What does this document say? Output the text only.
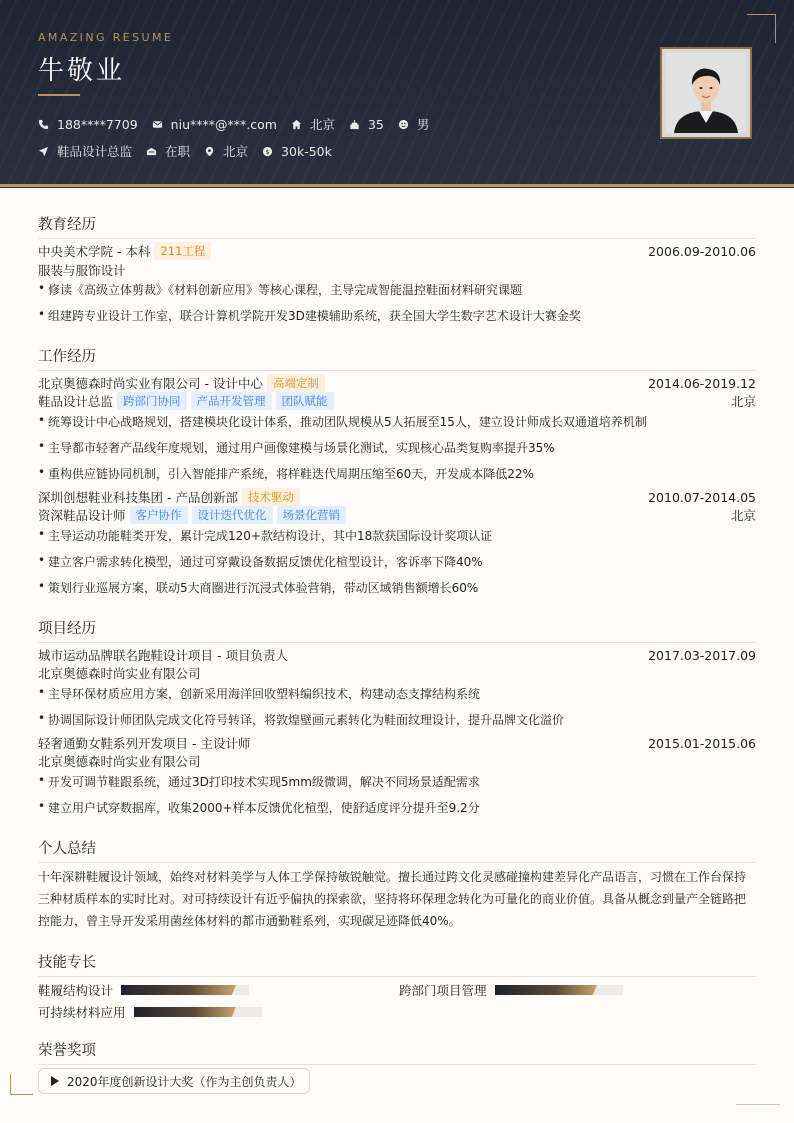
AMAZING RESUME
牛敬业
188****7709	niu****@***.com	北京	35	男
鞋品设计总监	在职	北京 $ 30k-50k
教育经历
中央美术学院 - 本科 211工程	2006.09-2010.06
服装与服饰设计
• 修读《高级立体剪裁》《材料创新应用》等核心课程，主导完成智能温控鞋面材料研究课题
• 组建跨专业设计工作室，联合计算机学院开发3D建模辅助系统，获全国大学生数字艺术设计大赛金奖
工作经历
北京奥德森时尚实业有限公司 - 设计中心 高端定制	2014.06-2019.12
鞋品设计总监 跨部门协同	产品开发管理	团队赋能	北京
• 统筹设计中心战略规划，搭建模块化设计体系，推动团队规模从5人拓展至15人，建立设计师成长双通道培养机制
• 主导都市轻奢产品线年度规划，通过用户画像建模与场景化测试，实现核心品类复购率提升35%
• 重构供应链协同机制，引入智能排产系统，将样鞋迭代周期压缩至60天，开发成本降低22%
深圳创想鞋业科技集团 - 产品创新部 技术驱动	2010.07-2014.05
资深鞋品设计师 客户协作	设计迭代优化	场景化营销	北京
• 主导运动功能鞋类开发，累计完成120+款结构设计，其中18款获国际设计奖项认证
• 建立客户需求转化模型，通过可穿戴设备数据反馈优化楦型设计，客诉率下降40%
• 策划行业巡展方案，联动5大商圈进行沉浸式体验营销，带动区域销售额增长60%
项目经历
城市运动品牌联名跑鞋设计项目 - 项目负责人	2017.03-2017.09
北京奥德森时尚实业有限公司
• 主导环保材质应用方案，创新采用海洋回收塑料编织技术，构建动态支撑结构系统
• 协调国际设计师团队完成文化符号转译，将敦煌壁画元素转化为鞋面纹理设计，提升品牌文化溢价
轻奢通勤女鞋系列开发项目 - 主设计师	2015.01-2015.06
北京奥德森时尚实业有限公司
• 开发可调节鞋跟系统，通过3D打印技术实现5mm级微调，解决不同场景适配需求
• 建立用户试穿数据库，收集2000+样本反馈优化楦型，使舒适度评分提升至9.2分
个人总结
十年深耕鞋履设计领域，始终对材料美学与人体工学保持敏锐触觉。擅长通过跨文化灵感碰撞构建差异化产品语言，习惯在工作台保持三种材质样本的实时比对。对可持续设计有近乎偏执的探索欲，坚持将环保理念转化为可量化的商业价值。具备从概念到量产全链路把控能力，曾主导开发采用菌丝体材料的都市通勤鞋系列，实现碳足迹降低40%。
技能专长
鞋履结构设计	跨部门项目管理
可持续材料应用
荣誉奖项
2020年度创新设计大奖（作为主创负责人）
